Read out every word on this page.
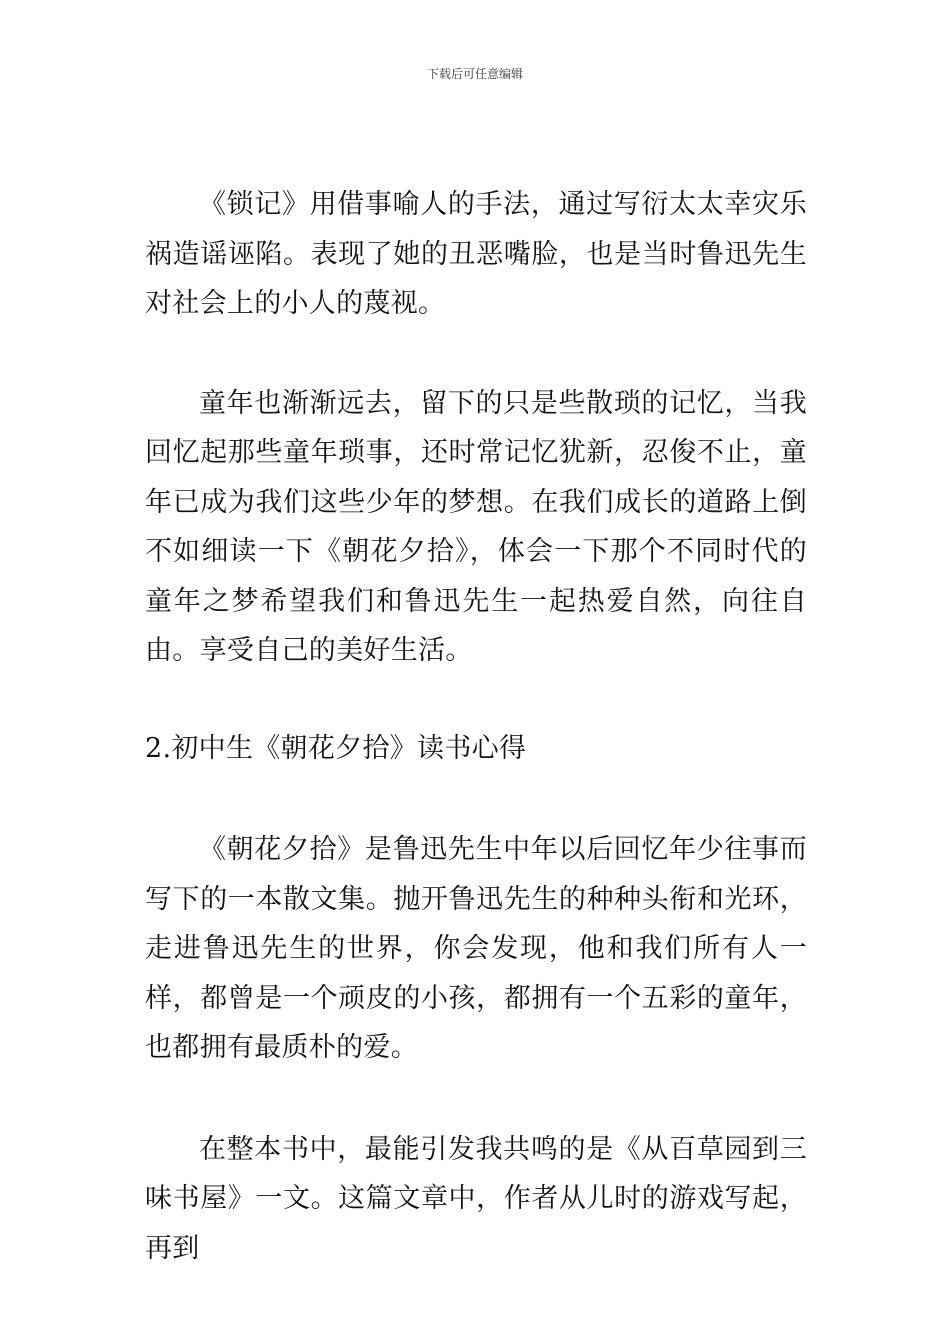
下载后可任意编辑

《锁记》用借事喻人的手法，通过写衍太太幸灾乐祸造谣诬陷。表现了她的丑恶嘴脸，也是当时鲁迅先生对社会上的小人的蔑视。

童年也渐渐远去，留下的只是些散琐的记忆，当我回忆起那些童年琐事，还时常记忆犹新，忍俊不止，童年已成为我们这些少年的梦想。在我们成长的道路上倒不如细读一下《朝花夕拾》，体会一下那个不同时代的童年之梦希望我们和鲁迅先生一起热爱自然，向往自由。享受自己的美好生活。

2.初中生《朝花夕拾》读书心得

《朝花夕拾》是鲁迅先生中年以后回忆年少往事而写下的一本散文集。抛开鲁迅先生的种种头衔和光环，走进鲁迅先生的世界，你会发现，他和我们所有人一样，都曾是一个顽皮的小孩，都拥有一个五彩的童年，也都拥有最质朴的爱。

在整本书中，最能引发我共鸣的是《从百草园到三味书屋》一文。这篇文章中，作者从儿时的游戏写起，再到
